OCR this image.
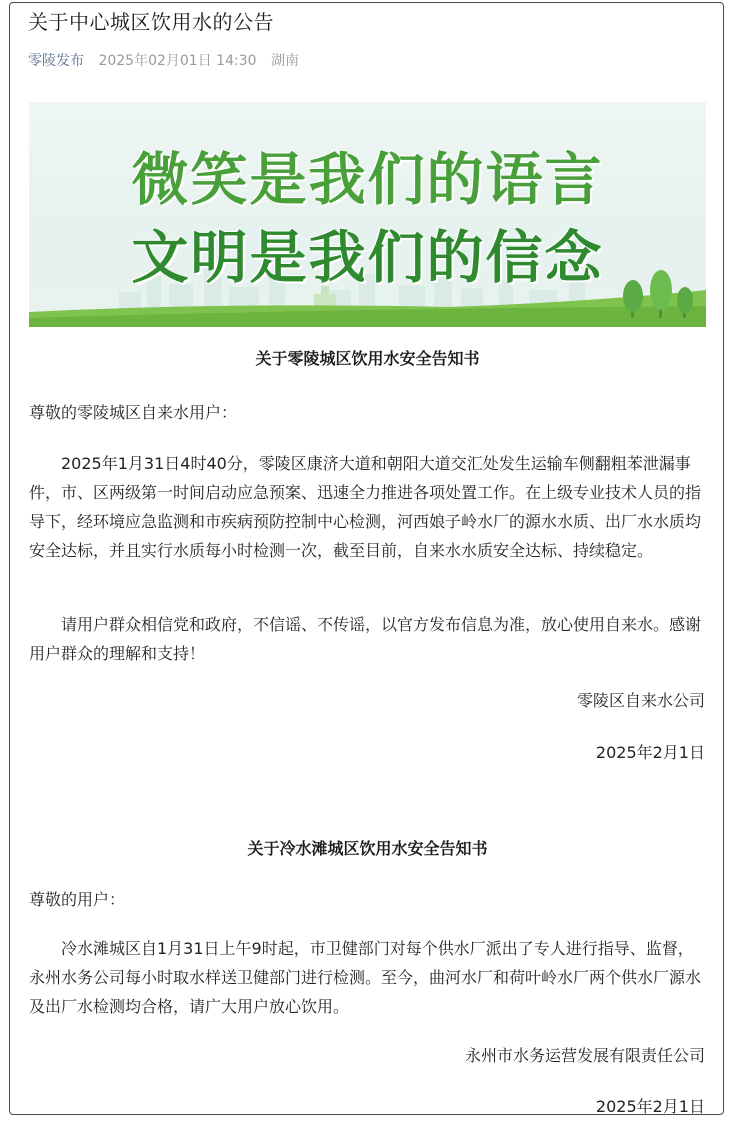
关于中心城区饮用水的公告
零陵发布 2025年02月01日 14:30 湖南
微笑是我们的语言
文明是我们的信念
关于零陵城区饮用水安全告知书

尊敬的零陵城区自来水用户：

2025年1月31日4时40分，零陵区康济大道和朝阳大道交汇处发生运输车侧翻粗苯泄漏事件，市、区两级第一时间启动应急预案、迅速全力推进各项处置工作。在上级专业技术人员的指导下，经环境应急监测和市疾病预防控制中心检测，河西娘子岭水厂的源水水质、出厂水水质均安全达标，并且实行水质每小时检测一次，截至目前，自来水水质安全达标、持续稳定。

请用户群众相信党和政府，不信谣、不传谣，以官方发布信息为准，放心使用自来水。感谢用户群众的理解和支持！

零陵区自来水公司
2025年2月1日
关于冷水滩城区饮用水安全告知书

尊敬的用户：

冷水滩城区自1月31日上午9时起，市卫健部门对每个供水厂派出了专人进行指导、监督，永州水务公司每小时取水样送卫健部门进行检测。至今，曲河水厂和荷叶岭水厂两个供水厂源水及出厂水检测均合格，请广大用户放心饮用。

永州市水务运营发展有限责任公司
2025年2月1日
